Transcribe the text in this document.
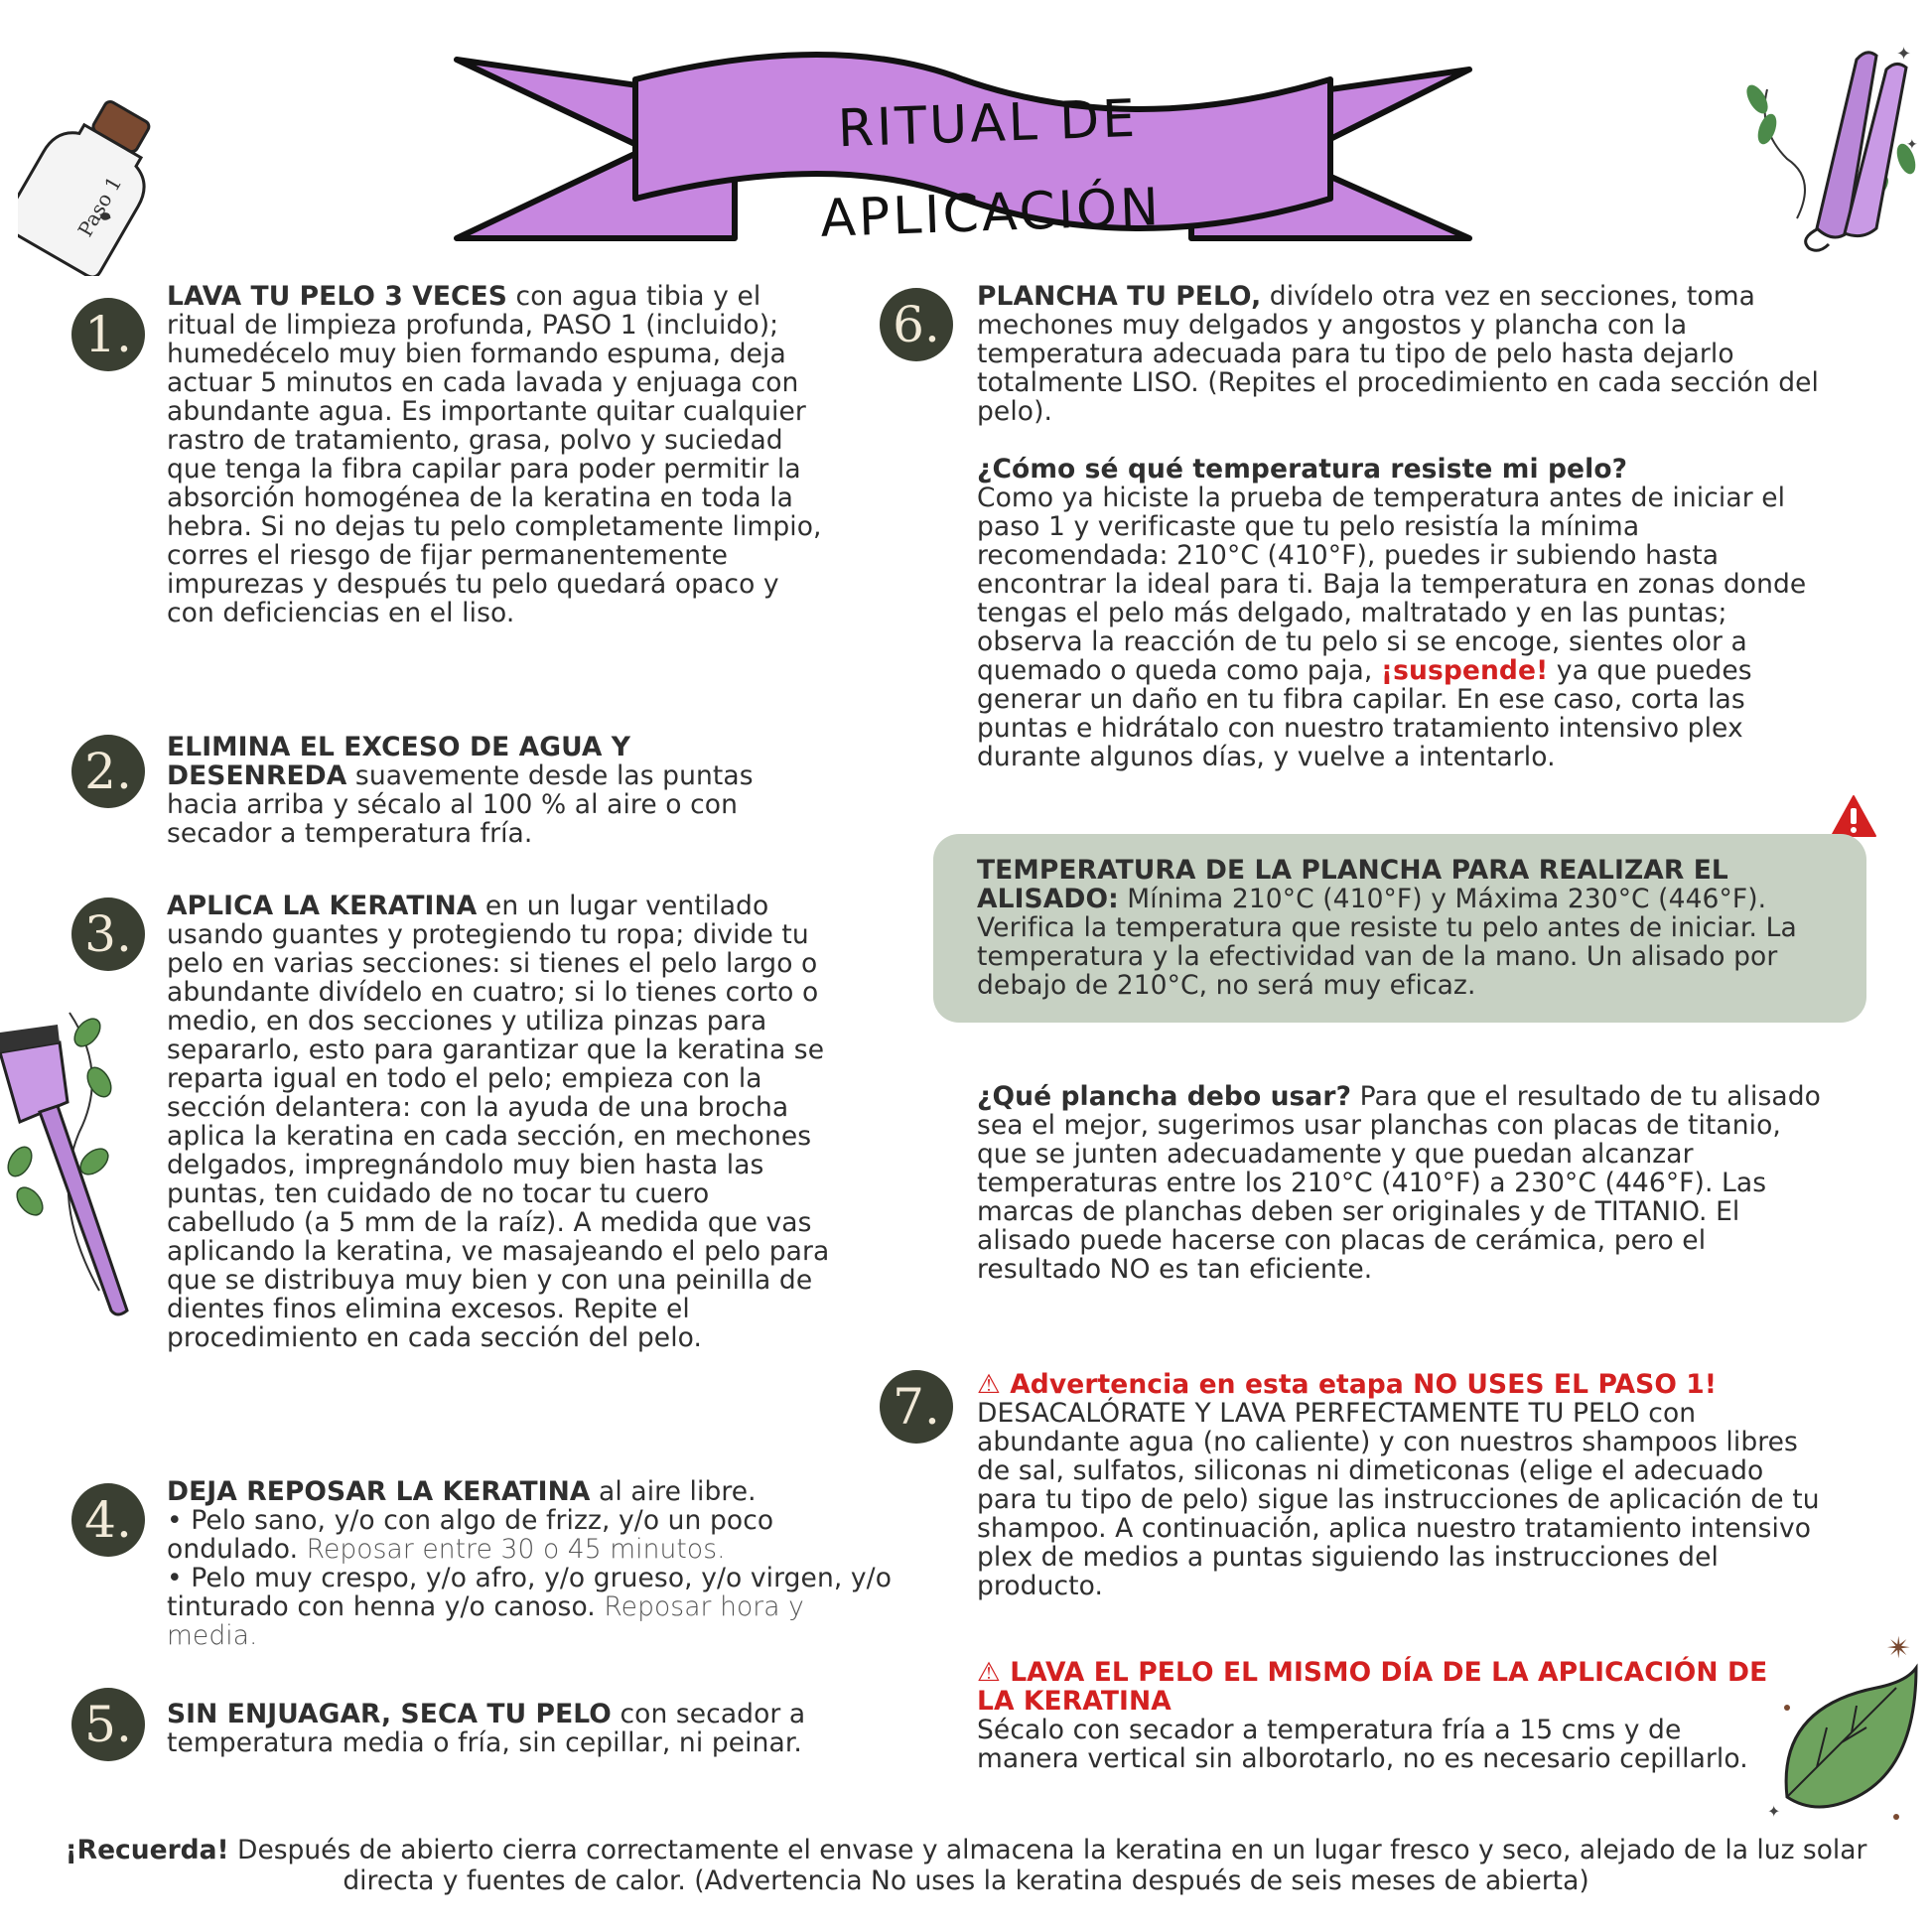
Paso 1
✦
✦
✴
✦
RITUAL DE APLICACIÓN
1.
2.
3.
4.
5.
6.
7.
LAVA TU PELO 3 VECES con agua tibia y el ritual de limpieza profunda, PASO 1 (incluido); humedécelo muy bien formando espuma, deja actuar 5 minutos en cada lavada y enjuaga con abundante agua. Es importante quitar cualquier rastro de tratamiento, grasa, polvo y suciedad que tenga la fibra capilar para poder permitir la absorción homogénea de la keratina en toda la hebra. Si no dejas tu pelo completamente limpio, corres el riesgo de fijar permanentemente impurezas y después tu pelo quedará opaco y con deficiencias en el liso.
ELIMINA EL EXCESO DE AGUA Y DESENREDA suavemente desde las puntas hacia arriba y sécalo al 100 % al aire o con secador a temperatura fría.
APLICA LA KERATINA en un lugar ventilado usando guantes y protegiendo tu ropa; divide tu pelo en varias secciones: si tienes el pelo largo o abundante divídelo en cuatro; si lo tienes corto o medio, en dos secciones y utiliza pinzas para separarlo, esto para garantizar que la keratina se reparta igual en todo el pelo; empieza con la sección delantera: con la ayuda de una brocha aplica la keratina en cada sección, en mechones delgados, impregnándolo muy bien hasta las puntas, ten cuidado de no tocar tu cuero cabelludo (a 5 mm de la raíz). A medida que vas aplicando la keratina, ve masajeando el pelo para que se distribuya muy bien y con una peinilla de dientes finos elimina excesos. Repite el procedimiento en cada sección del pelo.
DEJA REPOSAR LA KERATINA al aire libre.
• Pelo sano, y/o con algo de frizz, y/o un poco ondulado. Reposar entre 30 o 45 minutos.
• Pelo muy crespo, y/o afro, y/o grueso, y/o virgen, y/o tinturado con henna y/o canoso. Reposar hora y media.
SIN ENJUAGAR, SECA TU PELO con secador a temperatura media o fría, sin cepillar, ni peinar.
PLANCHA TU PELO, divídelo otra vez en secciones, toma mechones muy delgados y angostos y plancha con la temperatura adecuada para tu tipo de pelo hasta dejarlo totalmente LISO. (Repites el procedimiento en cada sección del pelo).
¿Cómo sé qué temperatura resiste mi pelo?
Como ya hiciste la prueba de temperatura antes de iniciar el paso 1 y verificaste que tu pelo resistía la mínima recomendada: 210°C (410°F), puedes ir subiendo hasta encontrar la ideal para ti. Baja la temperatura en zonas donde tengas el pelo más delgado, maltratado y en las puntas; observa la reacción de tu pelo si se encoge, sientes olor a quemado o queda como paja, ¡suspende! ya que puedes generar un daño en tu fibra capilar. En ese caso, corta las puntas e hidrátalo con nuestro tratamiento intensivo plex durante algunos días, y vuelve a intentarlo.
TEMPERATURA DE LA PLANCHA PARA REALIZAR EL ALISADO: Mínima 210°C (410°F) y Máxima 230°C (446°F). Verifica la temperatura que resiste tu pelo antes de iniciar. La temperatura y la efectividad van de la mano. Un alisado por debajo de 210°C, no será muy eficaz.
¿Qué plancha debo usar? Para que el resultado de tu alisado sea el mejor, sugerimos usar planchas con placas de titanio, que se junten adecuadamente y que puedan alcanzar temperaturas entre los 210°C (410°F) a 230°C (446°F). Las marcas de planchas deben ser originales y de TITANIO. El alisado puede hacerse con placas de cerámica, pero el resultado NO es tan eficiente.
⚠ Advertencia en esta etapa NO USES EL PASO 1!
DESACALÓRATE Y LAVA PERFECTAMENTE TU PELO con abundante agua (no caliente) y con nuestros shampoos libres de sal, sulfatos, siliconas ni dimeticonas (elige el adecuado para tu tipo de pelo) sigue las instrucciones de aplicación de tu shampoo. A continuación, aplica nuestro tratamiento intensivo plex de medios a puntas siguiendo las instrucciones del producto.
⚠ LAVA EL PELO EL MISMO DÍA DE LA APLICACIÓN DE LA KERATINA
Sécalo con secador a temperatura fría a 15 cms y de manera vertical sin alborotarlo, no es necesario cepillarlo.
¡Recuerda! Después de abierto cierra correctamente el envase y almacena la keratina en un lugar fresco y seco, alejado de la luz solar directa y fuentes de calor. (Advertencia No uses la keratina después de seis meses de abierta)
